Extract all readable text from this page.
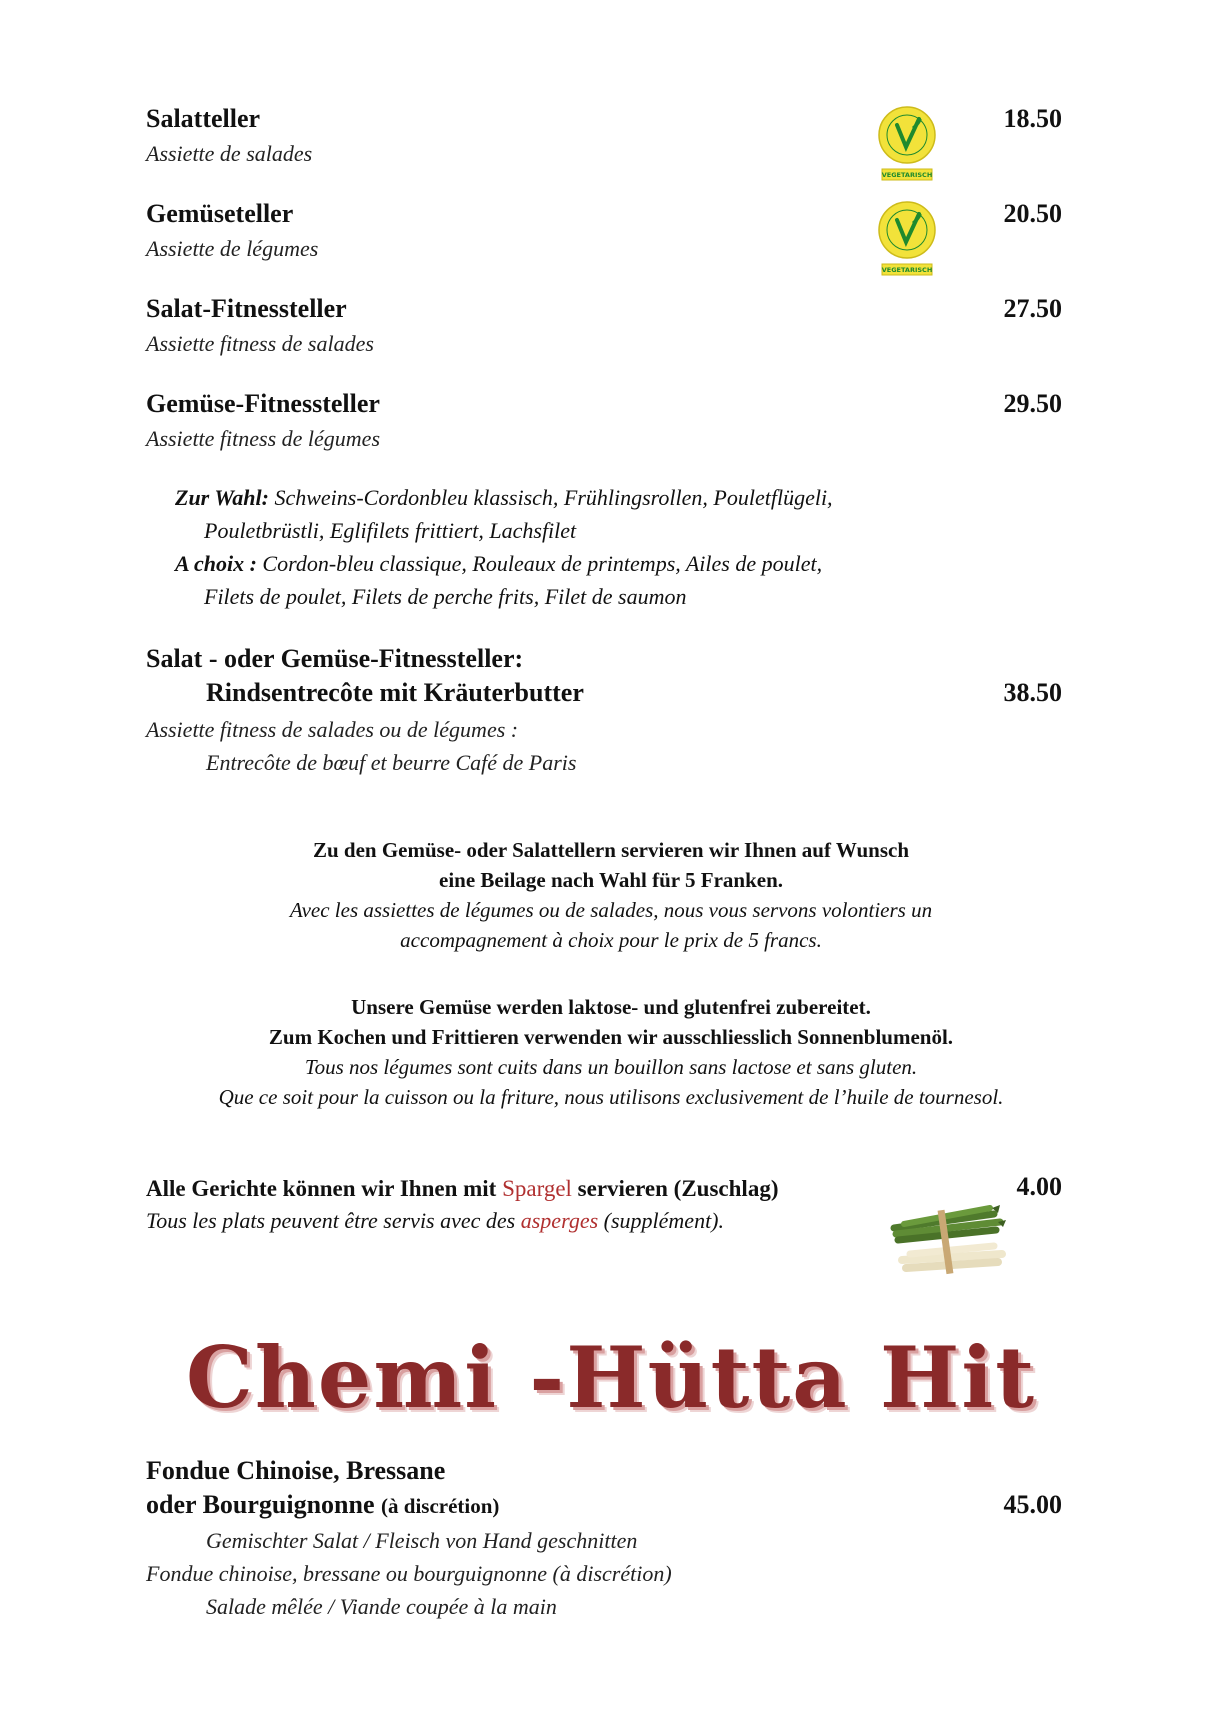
Salatteller
Assiette de salades
18.50
VEGETARISCH
Gemüseteller
Assiette de légumes
20.50
VEGETARISCH
Salat-Fitnessteller
Assiette fitness de salades
27.50
Gemüse-Fitnessteller
Assiette fitness de légumes
29.50
Zur Wahl: Schweins-Cordonbleu klassisch, Frühlingsrollen, Pouletflügeli,
Pouletbrüstli, Eglifilets frittiert, Lachsfilet
A choix : Cordon-bleu classique, Rouleaux de printemps, Ailes de poulet,
Filets de poulet, Filets de perche frits, Filet de saumon
Salat - oder Gemüse-Fitnessteller:
Rindsentrecôte mit Kräuterbutter	38.50
Assiette fitness de salades ou de légumes :
Entrecôte de bœuf et beurre Café de Paris
Zu den Gemüse- oder Salattellern servieren wir Ihnen auf Wunsch
eine Beilage nach Wahl für 5 Franken.
Avec les assiettes de légumes ou de salades, nous vous servons volontiers un
accompagnement à choix pour le prix de 5 francs.
Unsere Gemüse werden laktose- und glutenfrei zubereitet.
Zum Kochen und Frittieren verwenden wir ausschliesslich Sonnenblumenöl.
Tous nos légumes sont cuits dans un bouillon sans lactose et sans gluten.
Que ce soit pour la cuisson ou la friture, nous utilisons exclusivement de l’huile de tournesol.
Alle Gerichte können wir Ihnen mit Spargel servieren (Zuschlag)	4.00
Tous les plats peuvent être servis avec des asperges (supplément).
Chemi -Hütta Hit
Fondue Chinoise, Bressane
oder Bourguignonne (à discrétion)	45.00
Gemischter Salat / Fleisch von Hand geschnitten
Fondue chinoise, bressane ou bourguignonne (à discrétion)
Salade mêlée / Viande coupée à la main
